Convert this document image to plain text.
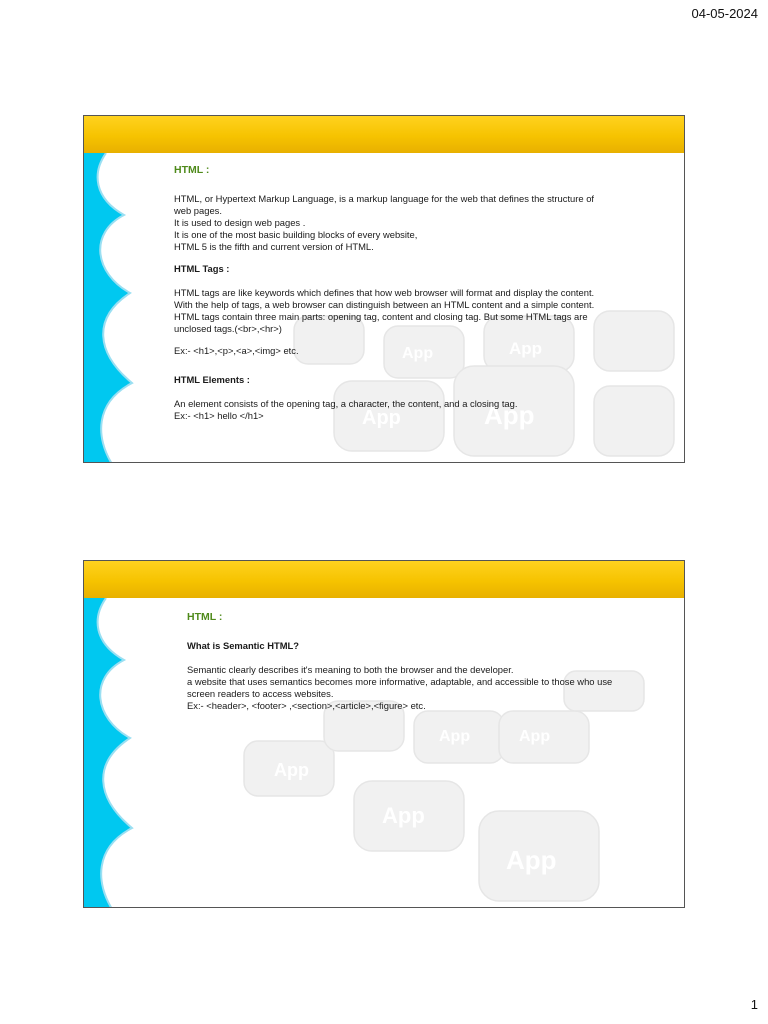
04-05-2024
App	App
App	App

HTML :

HTML, or Hypertext Markup Language, is a markup language for the web that defines the structure of

web pages.

It is used to design web pages .

It is one of the most basic building blocks of every website,

HTML 5 is the fifth and current version of HTML.

HTML Tags :

HTML tags are like keywords which defines that how web browser will format and display the content.

With the help of tags, a web browser can distinguish between an HTML content and a simple content.

HTML tags contain three main parts: opening tag, content and closing tag. But some HTML tags are

unclosed tags.(<br>,<hr>)

Ex:- <h1>,<p>,<a>,<img> etc.

HTML Elements :

An element consists of the opening tag, a character, the content, and a closing tag.

Ex:- <h1> hello </h1>

App
App
App	App
App

HTML :

What is Semantic HTML?

Semantic clearly describes it's meaning to both the browser and the developer.

a website that uses semantics becomes more informative, adaptable, and accessible to those who use

screen readers to access websites.

Ex:- <header>, <footer> ,<section>,<article>,<figure> etc.

1
